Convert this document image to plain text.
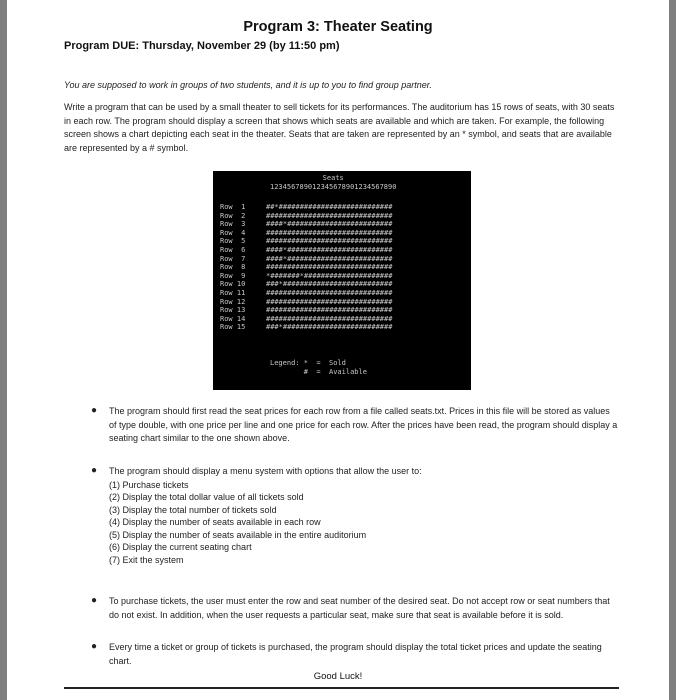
Program 3: Theater Seating
Program DUE: Thursday, November 29 (by 11:50 pm)
You are supposed to work in groups of two students, and it is up to you to find group partner.
Write a program that can be used by a small theater to sell tickets for its performances. The auditorium has 15 rows of seats, with 30 seats in each row. The program should display a screen that shows which seats are available and which are taken. For example, the following screen shows a chart depicting each seat in the theater. Seats that are taken are represented by an * symbol, and seats that are available are represented by a # symbol.
Seats
123456789012345678901234567890
Row  1	##*###########################
Row  2	##############################
Row  3	####*#########################
Row  4	##############################
Row  5	##############################
Row  6	####*#########################
Row  7	####*#########################
Row  8	##############################
Row  9	*#######*#####################
Row 10	###*##########################
Row 11	##############################
Row 12	##############################
Row 13	##############################
Row 14	##############################
Row 15	###*##########################
Legend: *  =  Sold
#  =  Available
● The program should first read the seat prices for each row from a file called seats.txt. Prices in this file will be stored as values of type double, with one price per line and one price for each row. After the prices have been read, the program should display a seating chart similar to the one shown above.
● The program should display a menu system with options that allow the user to:
(1) Purchase tickets
(2) Display the total dollar value of all tickets sold
(3) Display the total number of tickets sold
(4) Display the number of seats available in each row
(5) Display the number of seats available in the entire auditorium
(6) Display the current seating chart
(7) Exit the system
● To purchase tickets, the user must enter the row and seat number of the desired seat. Do not accept row or seat numbers that do not exist. In addition, when the user requests a particular seat, make sure that seat is available before it is sold.
● Every time a ticket or group of tickets is purchased, the program should display the total ticket prices and update the seating chart.
Good Luck!
